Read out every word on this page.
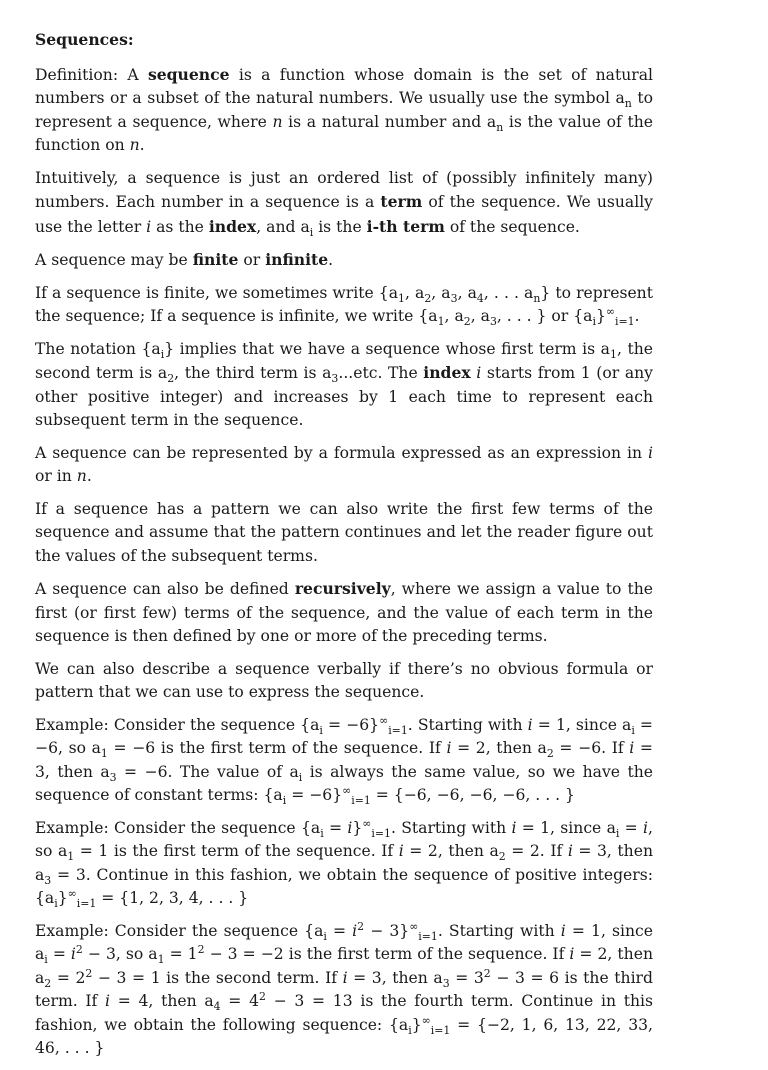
Sequences:

Definition: A sequence is a function whose domain is the set of natural numbers or a subset of the natural numbers. We usually use the symbol $a_n$ to represent a sequence, where n is a natural number and $a_n$ is the value of the function on n.

Intuitively, a sequence is just an ordered list of (possibly infinitely many) numbers. Each number in a sequence is a term of the sequence. We usually use the letter i as the index, and $a_i$ is the i-th term of the sequence.

A sequence may be finite or infinite.

If a sequence is finite, we sometimes write {$a_1$, $a_2$, $a_3$, $a_4$, . . . $a_n$} to represent the sequence; If a sequence is infinite, we write {$a_1$, $a_2$, $a_3$, . . . } or $\{a_i\}^\infty_{i=1}$.

The notation $\{a_i\}$ implies that we have a sequence whose first term is $a_1$, the second term is $a_2$, the third term is $a_3...etc$. The index i starts from 1 (or any other positive integer) and increases by 1 each time to represent each subsequent term in the sequence.

A sequence can be represented by a formula expressed as an expression in i or in n.

If a sequence has a pattern we can also write the first few terms of the sequence and assume that the pattern continues and let the reader figure out the values of the subsequent terms.

A sequence can also be defined recursively, where we assign a value to the first (or first few) terms of the sequence, and the value of each term in the sequence is then defined by one or more of the preceding terms.

We can also describe a sequence verbally if there’s no obvious formula or pattern that we can use to express the sequence.

Example: Consider the sequence $\{a_i = -6\}^\infty_{i=1}$. Starting with i = 1, since $a_i = -6$, so $a_1 = -6$ is the first term of the sequence. If i = 2, then $a_2 = -6$. If i = 3, then $a_3 = -6$. The value of $a_i$ is always the same value, so we have the sequence of constant terms: $\{a_i = -6\}^\infty_{i=1} = \{-6$, −6, −6, −6, . . . }

Example: Consider the sequence $\{a_i = i\}^\infty_{i=1}$. Starting with i = 1, since $a_i = i$, so $a_1 = 1$ is the first term of the sequence. If i = 2, then $a_2 = 2$. If i = 3, then $a_3 = 3$. Continue in this fashion, we obtain the sequence of positive integers: $\{a_i\}^\infty_{i=1} = \{1$, 2, 3, 4, . . . }

Example: Consider the sequence $\{a_i = i^2 - 3\}^\infty_{i=1}$. Starting with i = 1, since $a_i = i^2 - 3$, so $a_1 = 1^2 - 3 = -2$ is the first term of the sequence. If i = 2, then $a_2 = 2^2 - 3 = 1$ is the second term. If i = 3, then $a_3 = 3^2 - 3 = 6$ is the third term. If i = 4, then $a_4 = 4^2 - 3 = 13$ is the fourth term. Continue in this fashion, we obtain the following sequence: $\{a_i\}^\infty_{i=1} = \{-2$, 1, 6, 13, 22, 33, 46, . . . }
